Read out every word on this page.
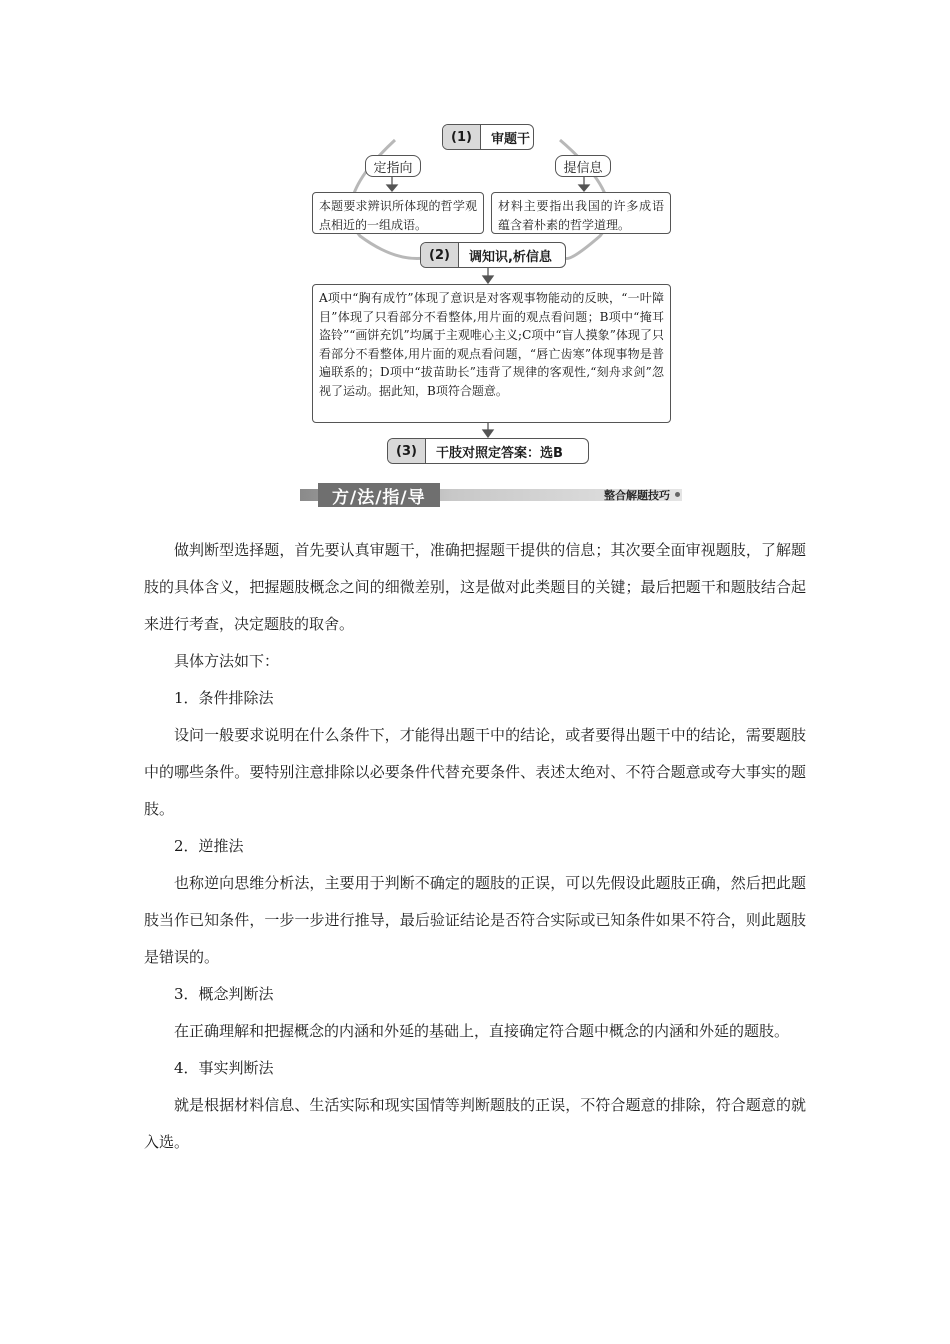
(1)	审题干
定指向	提信息
本题要求辨识所体现的哲学观点相近的一组成语。
材料主要指出我国的许多成语蕴含着朴素的哲学道理。
(2)	调知识,析信息
A项中“胸有成竹”体现了意识是对客观事物能动的反映，“一叶障目”体现了只看部分不看整体,用片面的观点看问题；B项中“掩耳盗铃”“画饼充饥”均属于主观唯心主义;C项中“盲人摸象”体现了只看部分不看整体,用片面的观点看问题，“唇亡齿寒”体现事物是普遍联系的；D项中“拔苗助长”违背了规律的客观性,“刻舟求剑”忽视了运动。据此知，B项符合题意。
(3)	干肢对照定答案：选B
方/法/指/导	整合解题技巧

做判断型选择题，首先要认真审题干，准确把握题干提供的信息；其次要全面审视题肢，了解题肢的具体含义，把握题肢概念之间的细微差别，这是做对此类题目的关键；最后把题干和题肢结合起来进行考查，决定题肢的取舍。

具体方法如下：

1．条件排除法

设问一般要求说明在什么条件下，才能得出题干中的结论，或者要得出题干中的结论，需要题肢中的哪些条件。要特别注意排除以必要条件代替充要条件、表述太绝对、不符合题意或夸大事实的题肢。

2．逆推法

也称逆向思维分析法，主要用于判断不确定的题肢的正误，可以先假设此题肢正确，然后把此题肢当作已知条件，一步一步进行推导，最后验证结论是否符合实际或已知条件如果不符合，则此题肢是错误的。

3．概念判断法

在正确理解和把握概念的内涵和外延的基础上，直接确定符合题中概念的内涵和外延的题肢。

4．事实判断法

就是根据材料信息、生活实际和现实国情等判断题肢的正误，不符合题意的排除，符合题意的就入选。
